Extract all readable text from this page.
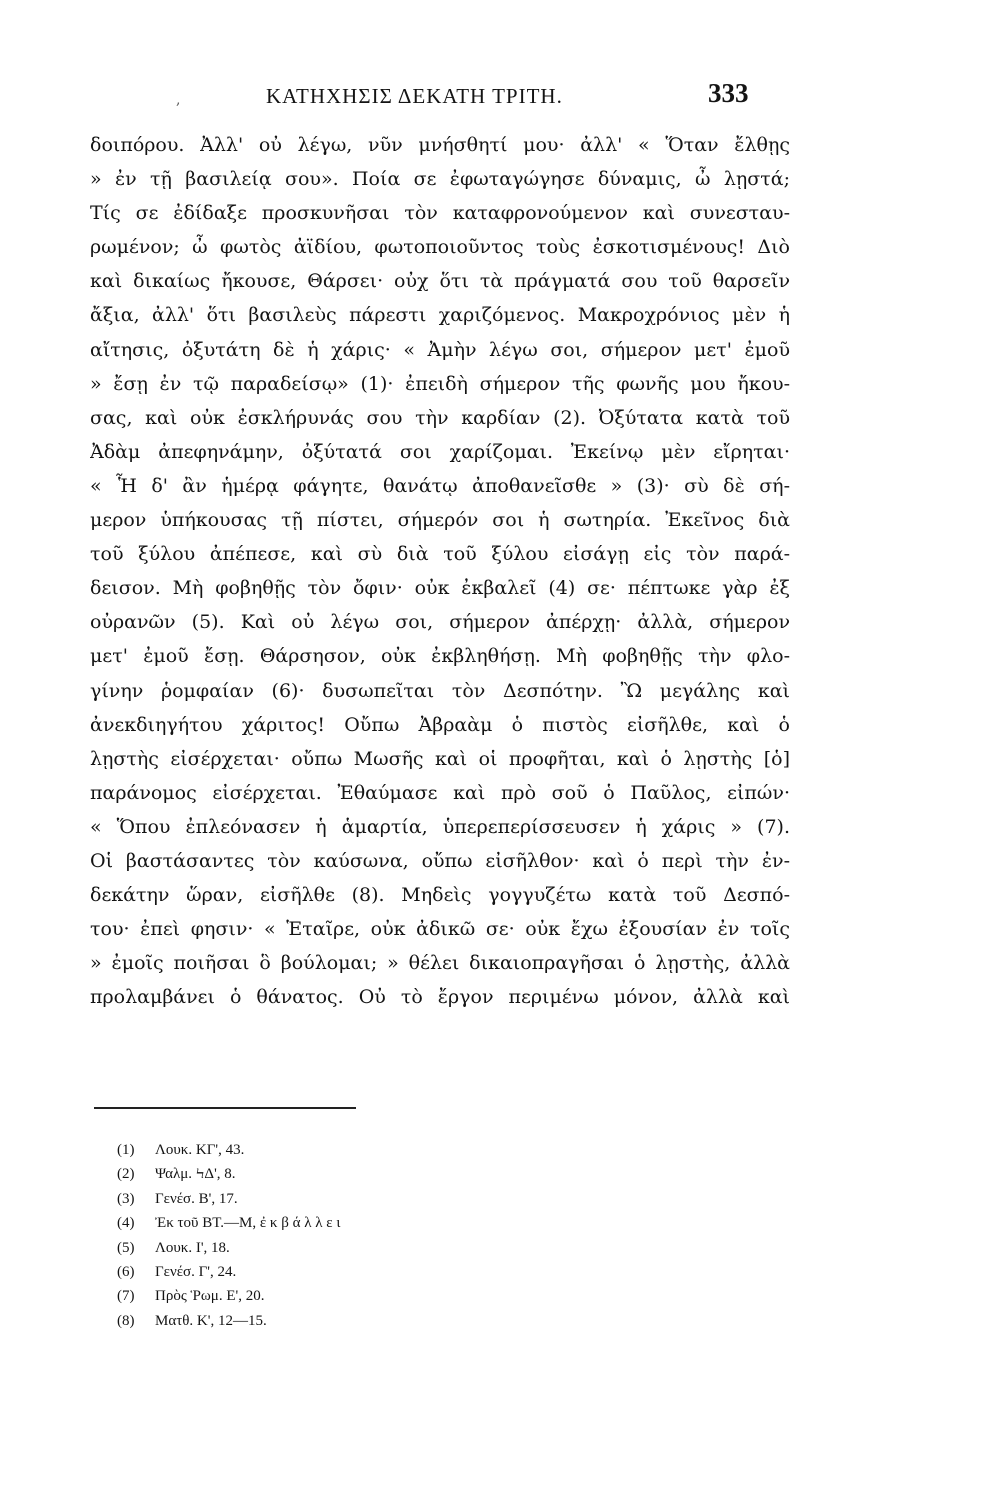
,	ΚΑΤΗΧΗΣΙΣ ΔΕΚΑΤΗ ΤΡΙΤΗ.	333
δοιπόρου. Ἀλλ' οὐ λέγω, νῦν μνήσθητί μου· ἀλλ' « Ὅταν ἔλθῃς
» ἐν τῇ βασιλείᾳ σου». Ποία σε ἐφωταγώγησε δύναμις, ὦ λῃστά;
Τίς σε ἐδίδαξε προσκυνῆσαι τὸν καταφρονούμενον καὶ συνεσταυ-
ρωμένον; ὦ φωτὸς ἀϊδίου, φωτοποιοῦντος τοὺς ἐσκοτισμένους! Διὸ
καὶ δικαίως ἤκουσε, Θάρσει· οὐχ ὅτι τὰ πράγματά σου τοῦ θαρσεῖν
ἄξια, ἀλλ' ὅτι βασιλεὺς πάρεστι χαριζόμενος. Μακροχρόνιος μὲν ἡ
αἴτησις, ὀξυτάτη δὲ ἡ χάρις· « Ἀμὴν λέγω σοι, σήμερον μετ' ἐμοῦ
» ἔσῃ ἐν τῷ παραδείσῳ» (1)· ἐπειδὴ σήμερον τῆς φωνῆς μου ἤκου-
σας, καὶ οὐκ ἐσκλήρυνάς σου τὴν καρδίαν (2). Ὀξύτατα κατὰ τοῦ
Ἀδὰμ ἀπεφηνάμην, ὀξύτατά σοι χαρίζομαι. Ἐκείνῳ μὲν εἴρηται·
« Ἧ δ' ἂν ἡμέρᾳ φάγητε, θανάτῳ ἀποθανεῖσθε » (3)· σὺ δὲ σή-
μερον ὑπήκουσας τῇ πίστει, σήμερόν σοι ἡ σωτηρία. Ἐκεῖνος διὰ
τοῦ ξύλου ἀπέπεσε, καὶ σὺ διὰ τοῦ ξύλου εἰσάγῃ εἰς τὸν παρά-
δεισον. Μὴ φοβηθῇς τὸν ὄφιν· οὐκ ἐκβαλεῖ (4) σε· πέπτωκε γὰρ ἐξ
οὐρανῶν (5). Καὶ οὐ λέγω σοι, σήμερον ἀπέρχῃ· ἀλλὰ, σήμερον
μετ' ἐμοῦ ἔσῃ. Θάρσησον, οὐκ ἐκβληθήσῃ. Μὴ φοβηθῇς τὴν φλο-
γίνην ῥομφαίαν (6)· δυσωπεῖται τὸν Δεσπότην. Ὢ μεγάλης καὶ
ἀνεκδιηγήτου χάριτος! Οὔπω Ἀβραὰμ ὁ πιστὸς εἰσῆλθε, καὶ ὁ
λῃστὴς εἰσέρχεται· οὔπω Μωσῆς καὶ οἱ προφῆται, καὶ ὁ λῃστὴς [ὁ]
παράνομος εἰσέρχεται. Ἐθαύμασε καὶ πρὸ σοῦ ὁ Παῦλος, εἰπών·
« Ὅπου ἐπλεόνασεν ἡ ἁμαρτία, ὑπερεπερίσσευσεν ἡ χάρις » (7).
Οἱ βαστάσαντες τὸν καύσωνα, οὔπω εἰσῆλθον· καὶ ὁ περὶ τὴν ἐν-
δεκάτην ὥραν, εἰσῆλθε (8). Μηδεὶς γογγυζέτω κατὰ τοῦ Δεσπό-
του· ἐπεὶ φησιν· « Ἑταῖρε, οὐκ ἀδικῶ σε· οὐκ ἔχω ἐξουσίαν ἐν τοῖς
» ἐμοῖς ποιῆσαι ὃ βούλομαι; » θέλει δικαιοπραγῆσαι ὁ λῃστὴς, ἀλλὰ
προλαμβάνει ὁ θάνατος. Οὐ τὸ ἔργον περιμένω μόνον, ἀλλὰ καὶ
(1) Λουκ. ΚΓ', 43.
(2) Ψαλμ. ϞΔ', 8.
(3) Γενέσ. Β', 17.
(4) Ἐκ τοῦ ΒΤ.—Μ, ἐ κ β ά λ λ ε ι
(5) Λουκ. Ι', 18.
(6) Γενέσ. Γ', 24.
(7) Πρὸς Ῥωμ. Ε', 20.
(8) Ματθ. Κ', 12—15.
